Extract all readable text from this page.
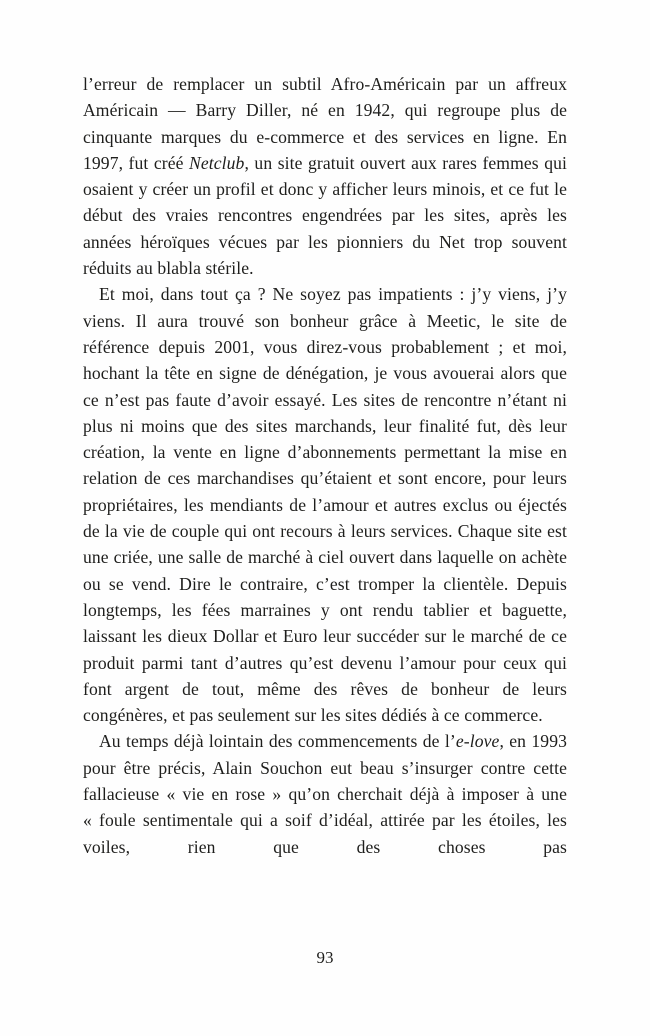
l’erreur de remplacer un subtil Afro-Américain par un affreux Américain — Barry Diller, né en 1942, qui regroupe plus de cinquante marques du e-commerce et des services en ligne. En 1997, fut créé Netclub, un site gratuit ouvert aux rares femmes qui osaient y créer un profil et donc y afficher leurs minois, et ce fut le début des vraies rencontres engendrées par les sites, après les années héroïques vécues par les pionniers du Net trop souvent réduits au blabla stérile.

Et moi, dans tout ça ? Ne soyez pas impatients : j’y viens, j’y viens. Il aura trouvé son bonheur grâce à Meetic, le site de référence depuis 2001, vous direz-vous probablement ; et moi, hochant la tête en signe de dénégation, je vous avouerai alors que ce n’est pas faute d’avoir essayé. Les sites de rencontre n’étant ni plus ni moins que des sites marchands, leur finalité fut, dès leur création, la vente en ligne d’abonnements permettant la mise en relation de ces marchandises qu’étaient et sont encore, pour leurs propriétaires, les mendiants de l’amour et autres exclus ou éjectés de la vie de couple qui ont recours à leurs services. Chaque site est une criée, une salle de marché à ciel ouvert dans laquelle on achète ou se vend. Dire le contraire, c’est tromper la clientèle. Depuis longtemps, les fées marraines y ont rendu tablier et baguette, laissant les dieux Dollar et Euro leur succéder sur le marché de ce produit parmi tant d’autres qu’est devenu l’amour pour ceux qui font argent de tout, même des rêves de bonheur de leurs congénères, et pas seulement sur les sites dédiés à ce commerce.

Au temps déjà lointain des commencements de l’e-love, en 1993 pour être précis, Alain Souchon eut beau s’insurger contre cette fallacieuse « vie en rose » qu’on cherchait déjà à imposer à une « foule sentimentale qui a soif d’idéal, attirée par les étoiles, les voiles, rien que des choses pas

93
